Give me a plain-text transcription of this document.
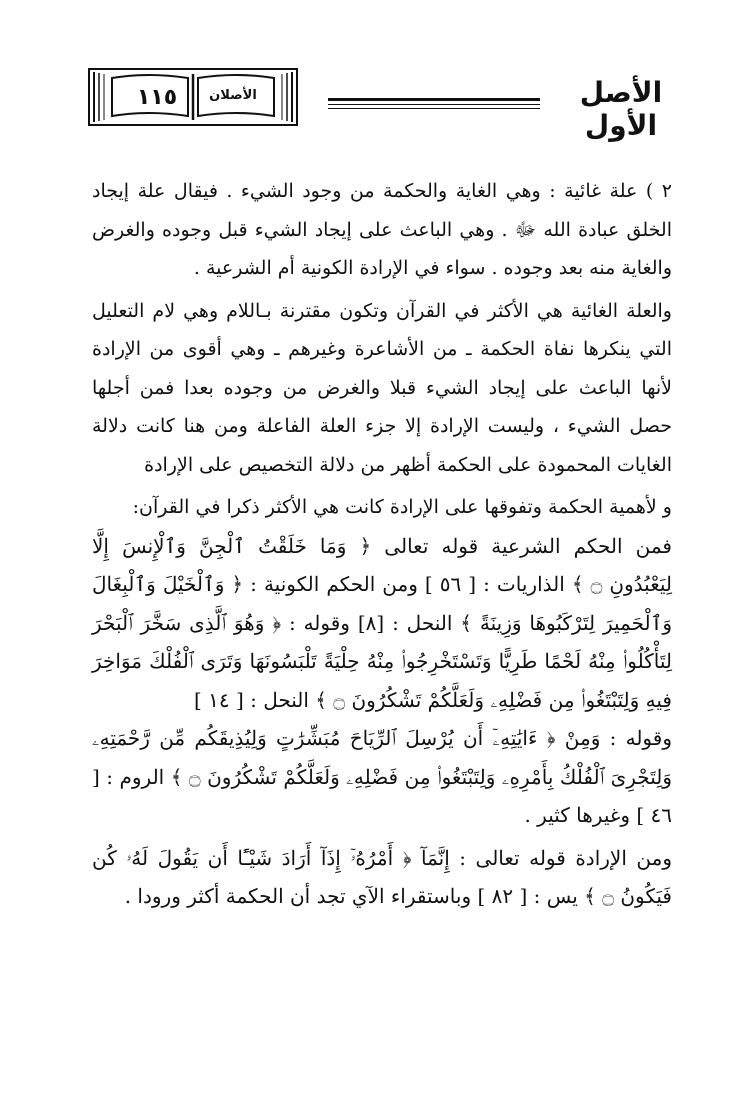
١١٥	الأصلان	الأصل الأول

٢ ) علة غائية : وهي الغاية والحكمة من وجود الشيء . فيقال علة إيجاد الخلق عبادة الله ﷻ . وهي الباعث على إيجاد الشيء قبل وجوده والغرض والغاية منه بعد وجوده . سواء في الإرادة الكونية أم الشرعية .

والعلة الغائية هي الأكثر في القرآن وتكون مقترنة بـاللام وهي لام التعليل التي ينكرها نفاة الحكمة ـ من الأشاعرة وغيرهم ـ وهي أقوى من الإرادة لأنها الباعث على إيجاد الشيء قبلا والغرض من وجوده بعدا فمن أجلها حصل الشيء ، وليست الإرادة إلا جزء العلة الفاعلة ومن هنا كانت دلالة الغايات المحمودة على الحكمة أظهر من دلالة التخصيص على الإرادة

و لأهمية الحكمة وتفوقها على الإرادة كانت هي الأكثر ذكرا في القرآن:

فمن الحكم الشرعية قوله تعالى ﴿ وَمَا خَلَقْتُ ٱلْجِنَّ وَٱلْإِنسَ إِلَّا لِيَعْبُدُونِ ۝ ﴾ الذاريات : [ ٥٦ ] ومن الحكم الكونية : ﴿ وَٱلْخَيْلَ وَٱلْبِغَالَ وَٱلْحَمِيرَ لِتَرْكَبُوهَا وَزِينَةً ﴾ النحل : [٨] وقوله : ﴿ وَهُوَ ٱلَّذِى سَخَّرَ ٱلْبَحْرَ لِتَأْكُلُوا۟ مِنْهُ لَحْمًا طَرِيًّا وَتَسْتَخْرِجُوا۟ مِنْهُ حِلْيَةً تَلْبَسُونَهَا وَتَرَى ٱلْفُلْكَ مَوَاخِرَ فِيهِ وَلِتَبْتَغُوا۟ مِن فَضْلِهِۦ وَلَعَلَّكُمْ تَشْكُرُونَ ۝ ﴾ النحل : [ ١٤ ]

وقوله : وَمِنْ ﴿ ءَايَٰتِهِۦٓ أَن يُرْسِلَ ٱلرِّيَاحَ مُبَشِّرَٰتٍ وَلِيُذِيقَكُم مِّن رَّحْمَتِهِۦ وَلِتَجْرِىَ ٱلْفُلْكُ بِأَمْرِهِۦ وَلِتَبْتَغُوا۟ مِن فَضْلِهِۦ وَلَعَلَّكُمْ تَشْكُرُونَ ۝ ﴾ الروم : [ ٤٦ ] وغيرها كثير .

ومن الإرادة قوله تعالى : إِنَّمَآ ﴿ أَمْرُهُۥٓ إِذَآ أَرَادَ شَيْـًٔا أَن يَقُولَ لَهُۥ كُن فَيَكُونُ ۝ ﴾ يس : [ ٨٢ ] وباستقراء الآي تجد أن الحكمة أكثر ورودا .
